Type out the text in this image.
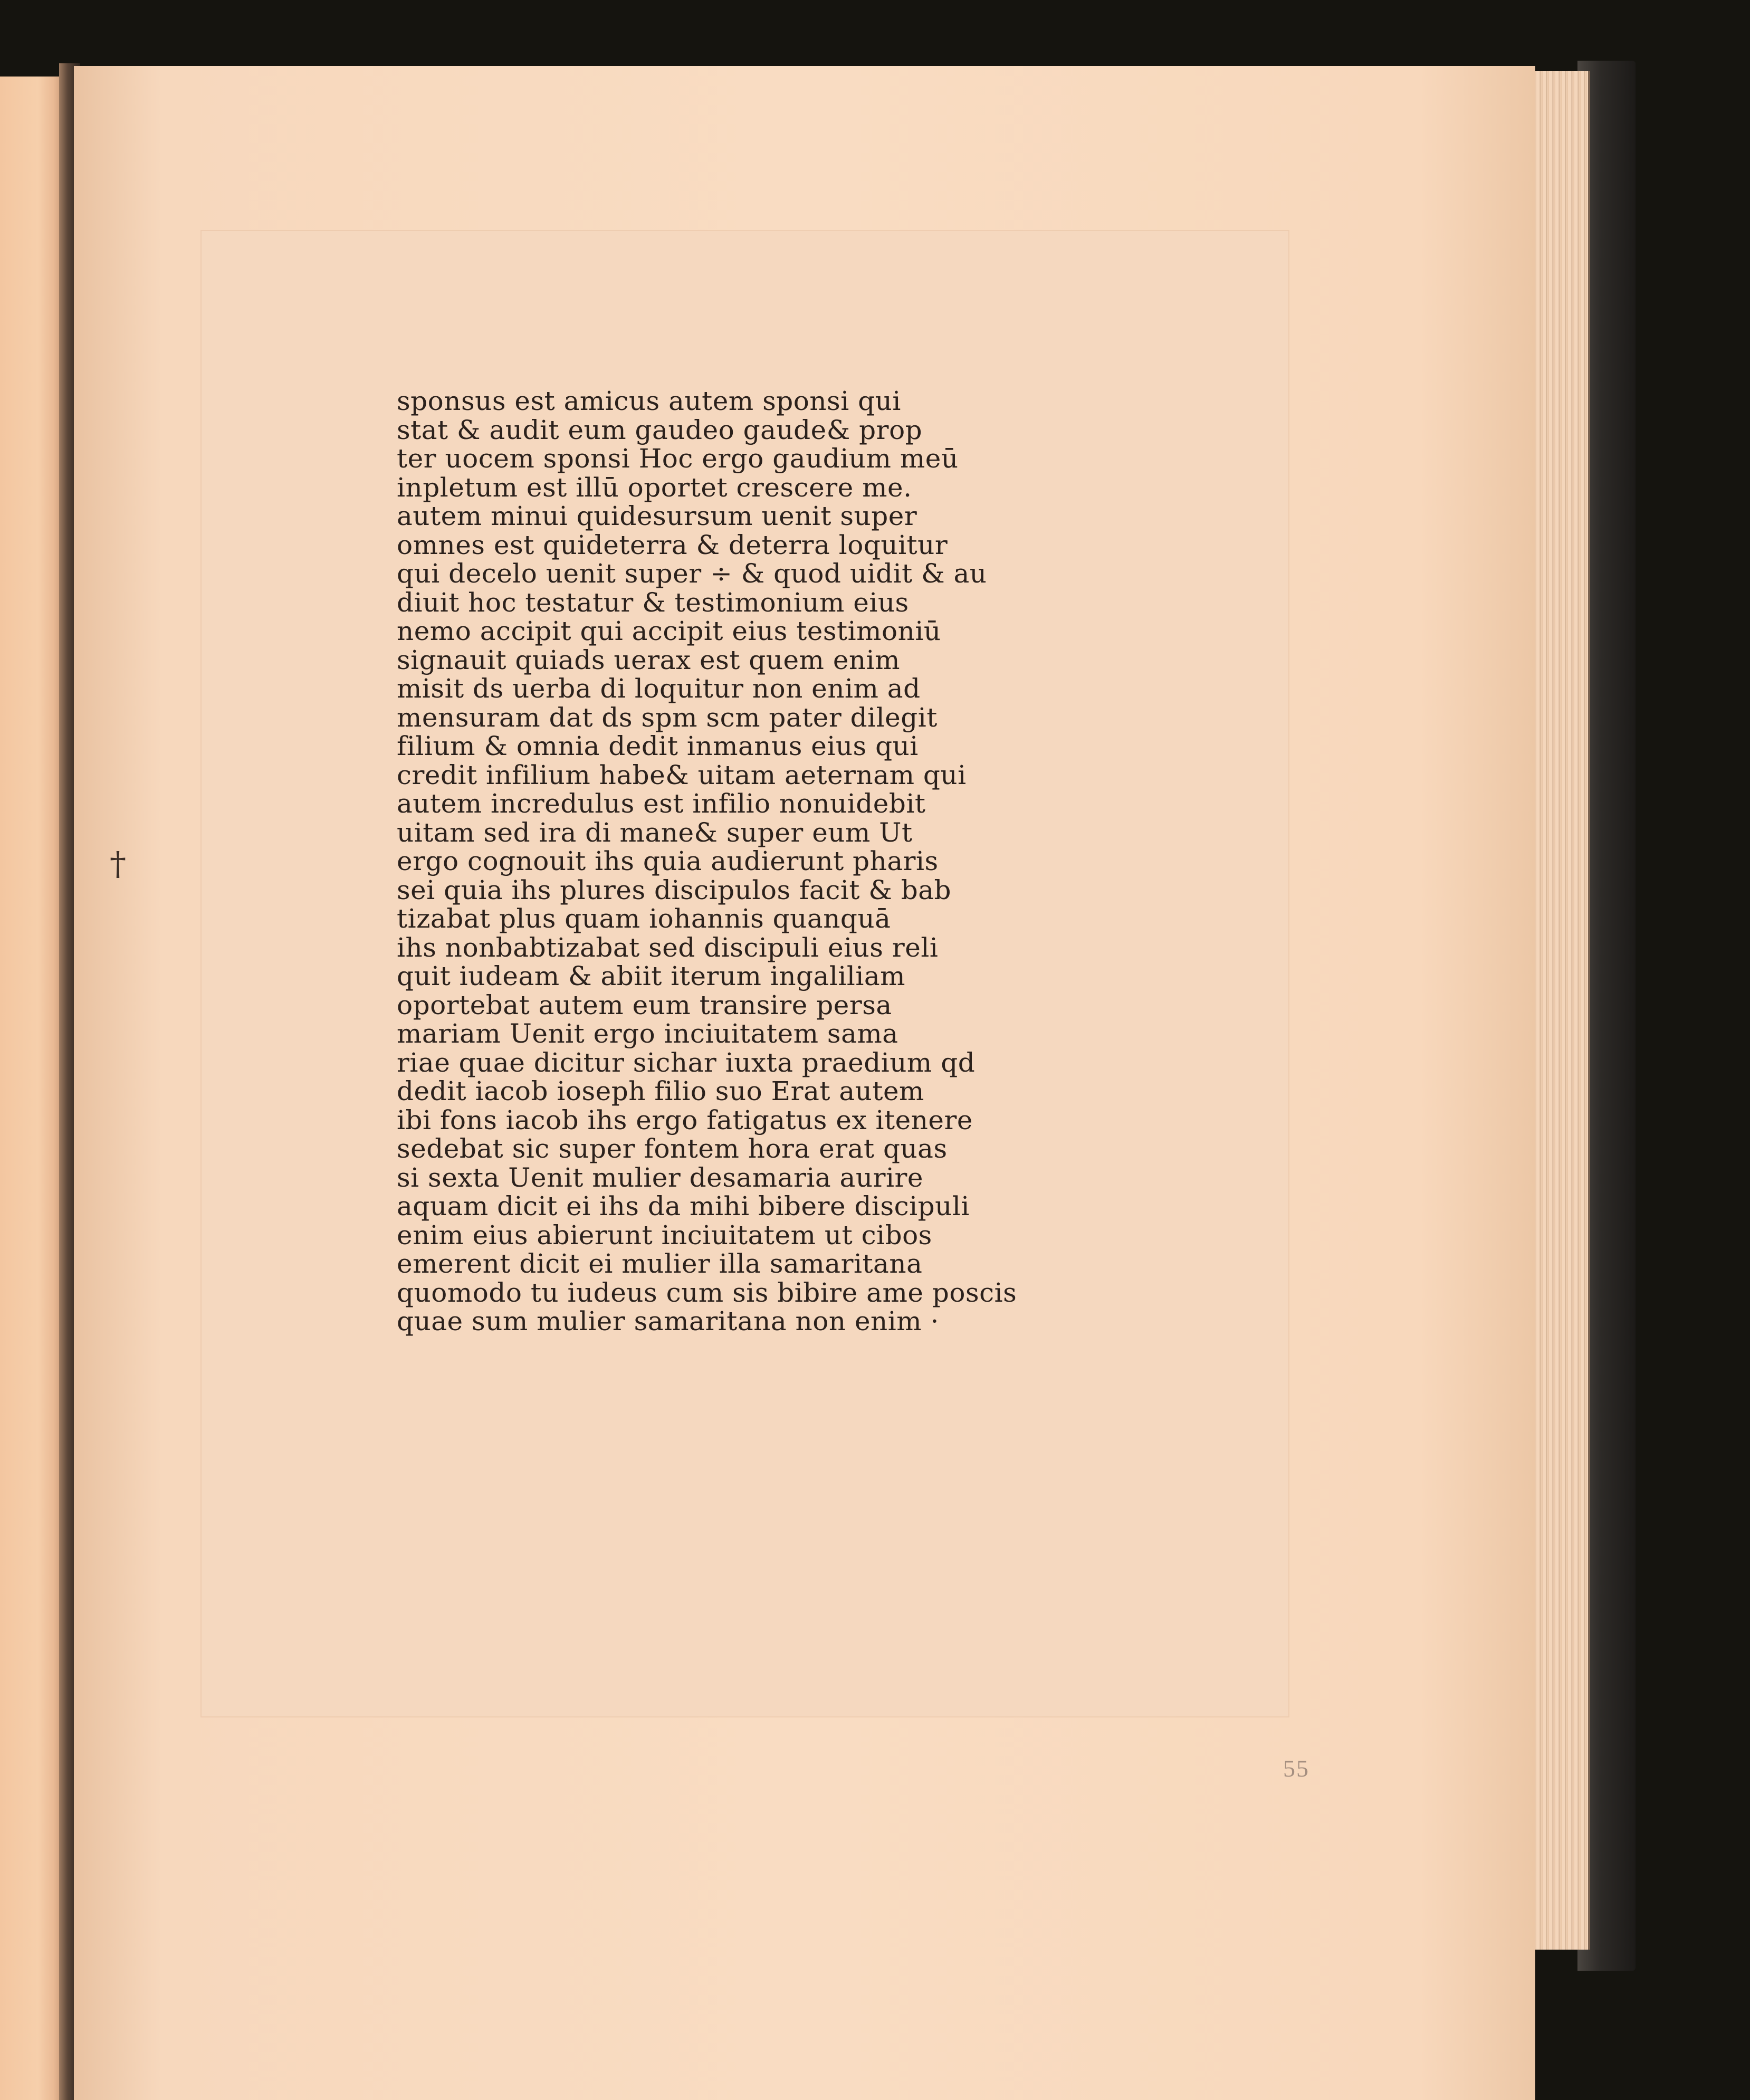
sponsus est amicus autem sponsi qui
stat & audit eum gaudeo gaude& prop
ter uocem sponsi Hoc ergo gaudium meū
inpletum est illū oportet crescere me.
autem minui quidesursum uenit super
omnes est quideterra & deterra loquitur
qui decelo uenit super ÷ & quod uidit & au
diuit hoc testatur & testimonium eius
nemo accipit qui accipit eius testimoniū
signauit quiads uerax est quem enim
misit ds uerba di loquitur non enim ad
mensuram dat ds spm scm pater dilegit
filium & omnia dedit inmanus eius qui
credit infilium habe& uitam aeternam qui
autem incredulus est infilio nonuidebit
uitam sed ira di mane& super eum Ut
ergo cognouit ihs quia audierunt pharis
sei quia ihs plures discipulos facit & bab
tizabat plus quam iohannis quanquā
ihs nonbabtizabat sed discipuli eius reli
quit iudeam & abiit iterum ingaliliam
oportebat autem eum transire persa
mariam Uenit ergo inciuitatem sama
riae quae dicitur sichar iuxta praedium qd
dedit iacob ioseph filio suo Erat autem
ibi fons iacob ihs ergo fatigatus ex itenere
sedebat sic super fontem hora erat quas
si sexta Uenit mulier desamaria aurire
aquam dicit ei ihs da mihi bibere discipuli
enim eius abierunt inciuitatem ut cibos
emerent dicit ei mulier illa samaritana
quomodo tu iudeus cum sis bibire ame poscis
quae sum mulier samaritana non enim ·
†
55
